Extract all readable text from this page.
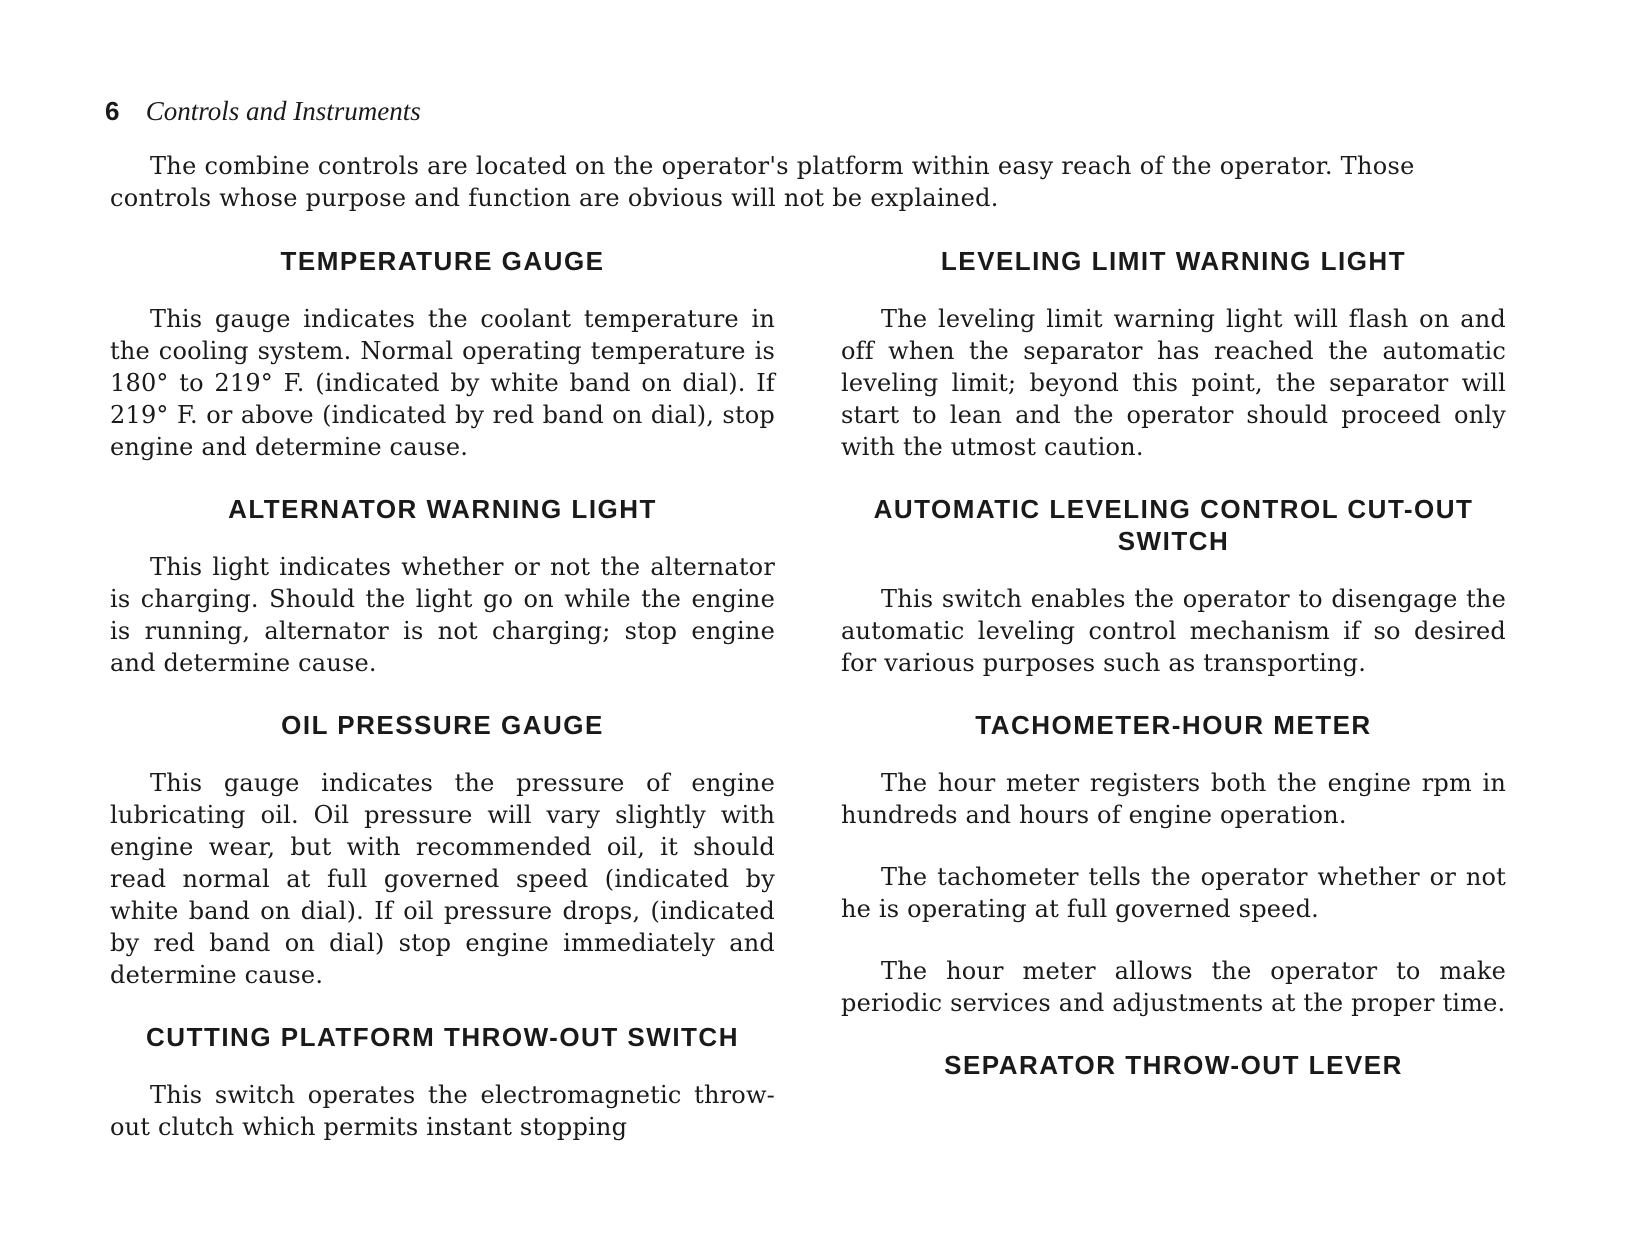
6 Controls and Instruments

The combine controls are located on the operator's platform within easy reach of the operator. Those controls whose purpose and function are obvious will not be explained.

TEMPERATURE GAUGE

This gauge indicates the coolant temperature in the cooling system. Normal operating temperature is 180° to 219° F. (indicated by white band on dial). If 219° F. or above (indicated by red band on dial), stop engine and determine cause.

ALTERNATOR WARNING LIGHT

This light indicates whether or not the alternator is charging. Should the light go on while the engine is running, alternator is not charging; stop engine and determine cause.

OIL PRESSURE GAUGE

This gauge indicates the pressure of engine lubricating oil. Oil pressure will vary slightly with engine wear, but with recommended oil, it should read normal at full governed speed (indicated by white band on dial). If oil pressure drops, (indicated by red band on dial) stop engine immediately and determine cause.

CUTTING PLATFORM THROW-OUT SWITCH

This switch operates the electromagnetic throw-out clutch which permits instant stopping

LEVELING LIMIT WARNING LIGHT

The leveling limit warning light will flash on and off when the separator has reached the automatic leveling limit; beyond this point, the separator will start to lean and the operator should proceed only with the utmost caution.

AUTOMATIC LEVELING CONTROL CUT-OUT SWITCH

This switch enables the operator to disengage the automatic leveling control mechanism if so desired for various purposes such as transporting.

TACHOMETER-HOUR METER

The hour meter registers both the engine rpm in hundreds and hours of engine operation.

The tachometer tells the operator whether or not he is operating at full governed speed.

The hour meter allows the operator to make periodic services and adjustments at the proper time.

SEPARATOR THROW-OUT LEVER
